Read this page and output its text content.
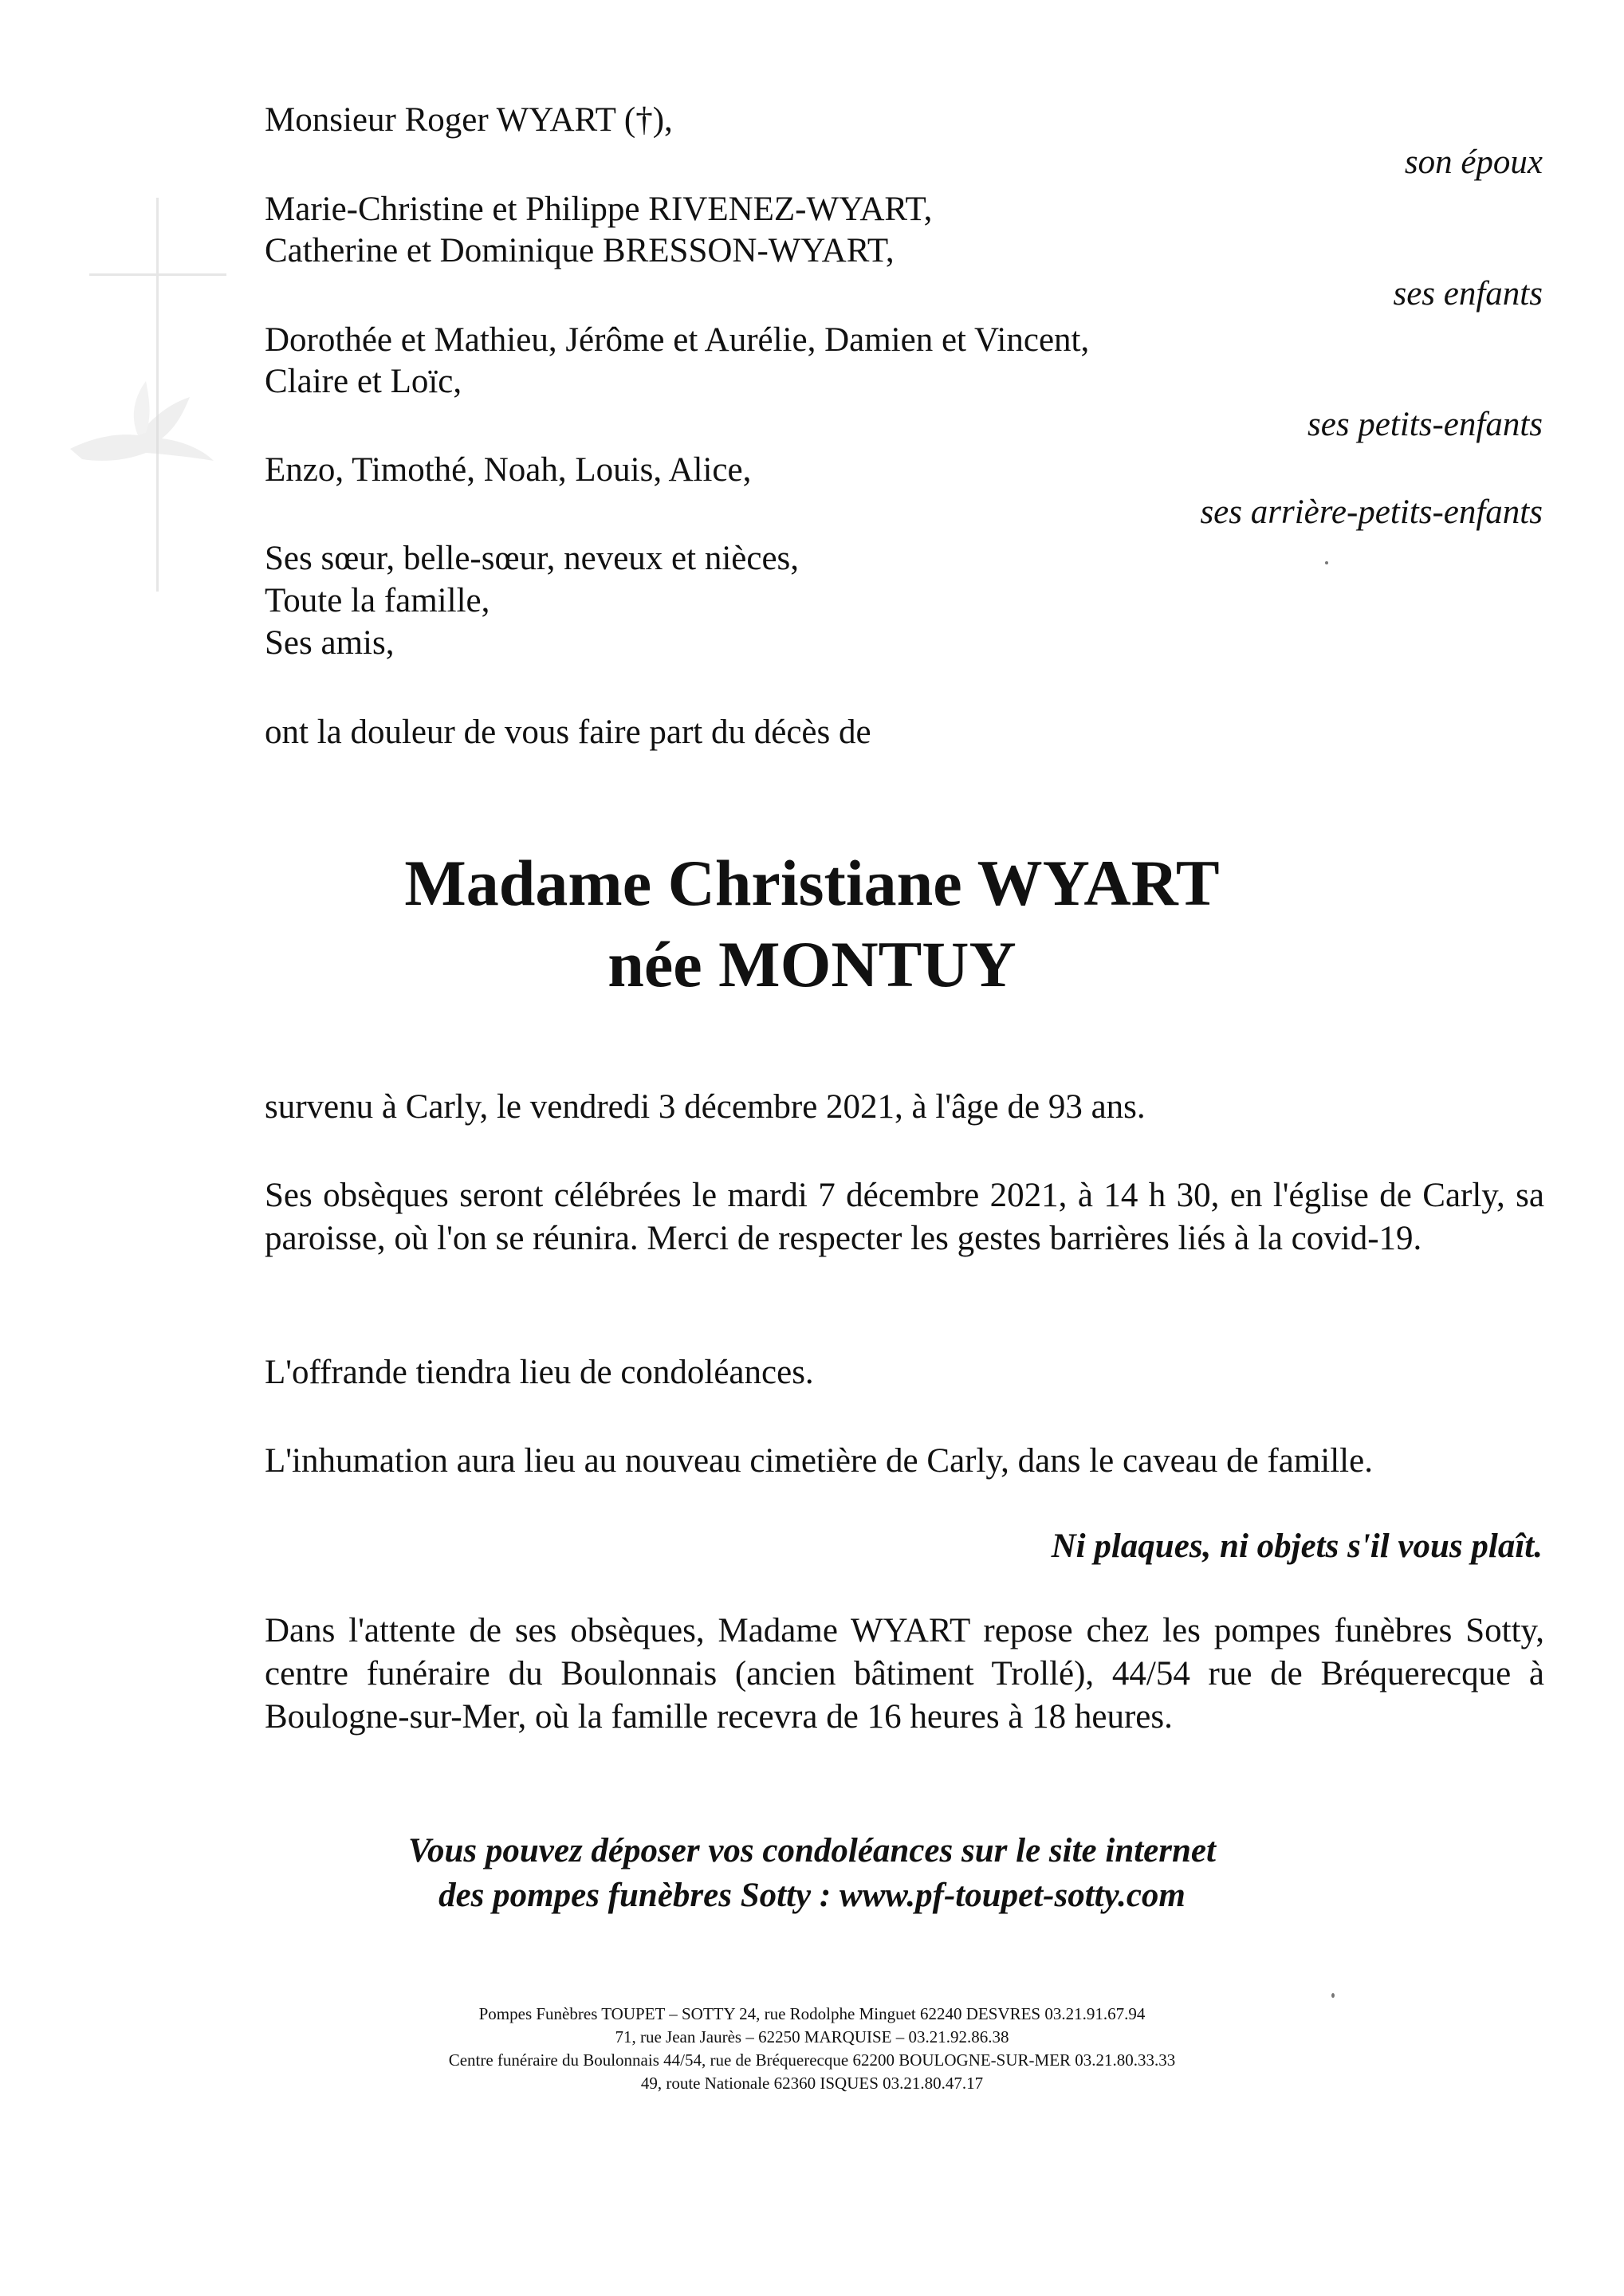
Monsieur Roger WYART (†),

son époux

Marie-Christine et Philippe RIVENEZ-WYART,

Catherine et Dominique BRESSON-WYART,

ses enfants

Dorothée et Mathieu, Jérôme et Aurélie, Damien et Vincent,

Claire et Loïc,

ses petits-enfants

Enzo, Timothé, Noah, Louis, Alice,

ses arrière-petits-enfants

Ses sœur, belle-sœur, neveux et nièces,

Toute la famille,

Ses amis,

ont la douleur de vous faire part du décès de

Madame Christiane WYART

née MONTUY

survenu à Carly, le vendredi 3 décembre 2021, à l'âge de 93 ans.

Ses obsèques seront célébrées le mardi 7 décembre 2021, à 14 h 30, en l'église de Carly, sa paroisse, où l'on se réunira. Merci de respecter les gestes barrières liés à la covid-19.

L'offrande tiendra lieu de condoléances.

L'inhumation aura lieu au nouveau cimetière de Carly, dans le caveau de famille.

Ni plaques, ni objets s'il vous plaît.

Dans l'attente de ses obsèques, Madame WYART repose chez les pompes funèbres Sotty, centre funéraire du Boulonnais (ancien bâtiment Trollé), 44/54 rue de Bréquerecque à Boulogne-sur-Mer, où la famille recevra de 16 heures à 18 heures.

Vous pouvez déposer vos condoléances sur le site internet

des pompes funèbres Sotty : www.pf-toupet-sotty.com

Pompes Funèbres TOUPET – SOTTY 24, rue Rodolphe Minguet 62240 DESVRES 03.21.91.67.94

71, rue Jean Jaurès – 62250 MARQUISE – 03.21.92.86.38

Centre funéraire du Boulonnais 44/54, rue de Bréquerecque 62200 BOULOGNE-SUR-MER 03.21.80.33.33

49, route Nationale 62360 ISQUES 03.21.80.47.17
